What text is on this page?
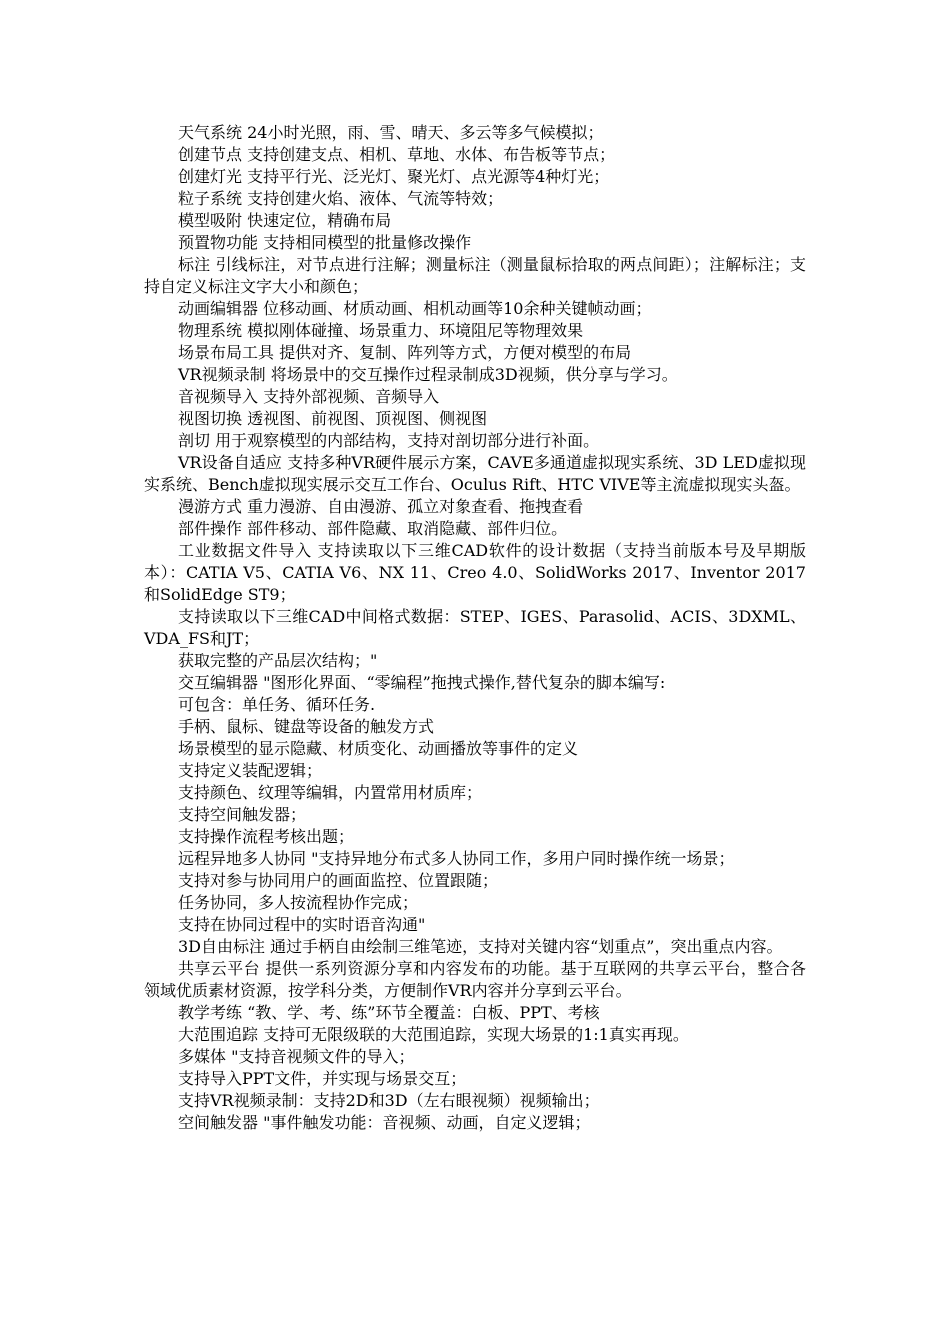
天气系统 24小时光照，雨、雪、晴天、多云等多气候模拟；

创建节点 支持创建支点、相机、草地、水体、布告板等节点；

创建灯光 支持平行光、泛光灯、聚光灯、点光源等4种灯光；

粒子系统 支持创建火焰、液体、气流等特效；

模型吸附 快速定位，精确布局

预置物功能 支持相同模型的批量修改操作

标注 引线标注，对节点进行注解；测量标注（测量鼠标拾取的两点间距）；注解标注；支持自定义标注文字大小和颜色；

动画编辑器 位移动画、材质动画、相机动画等10余种关键帧动画；

物理系统 模拟刚体碰撞、场景重力、环境阻尼等物理效果

场景布局工具 提供对齐、复制、阵列等方式，方便对模型的布局

VR视频录制 将场景中的交互操作过程录制成3D视频，供分享与学习。

音视频导入 支持外部视频、音频导入

视图切换 透视图、前视图、顶视图、侧视图

剖切 用于观察模型的内部结构，支持对剖切部分进行补面。

VR设备自适应 支持多种VR硬件展示方案，CAVE多通道虚拟现实系统、3D LED虚拟现实系统、Bench虚拟现实展示交互工作台、Oculus Rift、HTC VIVE等主流虚拟现实头盔。

漫游方式 重力漫游、自由漫游、孤立对象查看、拖拽查看

部件操作 部件移动、部件隐藏、取消隐藏、部件归位。

工业数据文件导入 支持读取以下三维CAD软件的设计数据（支持当前版本号及早期版本）：CATIA V5、CATIA V6、NX 11、Creo 4.0、SolidWorks 2017、Inventor 2017和SolidEdge ST9；

支持读取以下三维CAD中间格式数据：STEP、IGES、Parasolid、ACIS、3DXML、VDA_FS和JT；

获取完整的产品层次结构；"

交互编辑器 "图形化界面、“零编程”拖拽式操作,替代复杂的脚本编写:

可包含：单任务、循环任务.

手柄、鼠标、键盘等设备的触发方式

场景模型的显示隐藏、材质变化、动画播放等事件的定义

支持定义装配逻辑；

支持颜色、纹理等编辑，内置常用材质库；

支持空间触发器；

支持操作流程考核出题；

远程异地多人协同 "支持异地分布式多人协同工作，多用户同时操作统一场景；

支持对参与协同用户的画面监控、位置跟随；

任务协同，多人按流程协作完成；

支持在协同过程中的实时语音沟通"

3D自由标注 通过手柄自由绘制三维笔迹，支持对关键内容“划重点”，突出重点内容。

共享云平台 提供一系列资源分享和内容发布的功能。基于互联网的共享云平台，整合各领域优质素材资源，按学科分类，方便制作VR内容并分享到云平台。

教学考练 “教、学、考、练”环节全覆盖：白板、PPT、考核

大范围追踪 支持可无限级联的大范围追踪，实现大场景的1:1真实再现。

多媒体 "支持音视频文件的导入；

支持导入PPT文件，并实现与场景交互；

支持VR视频录制：支持2D和3D（左右眼视频）视频输出；

空间触发器 "事件触发功能：音视频、动画，自定义逻辑；
